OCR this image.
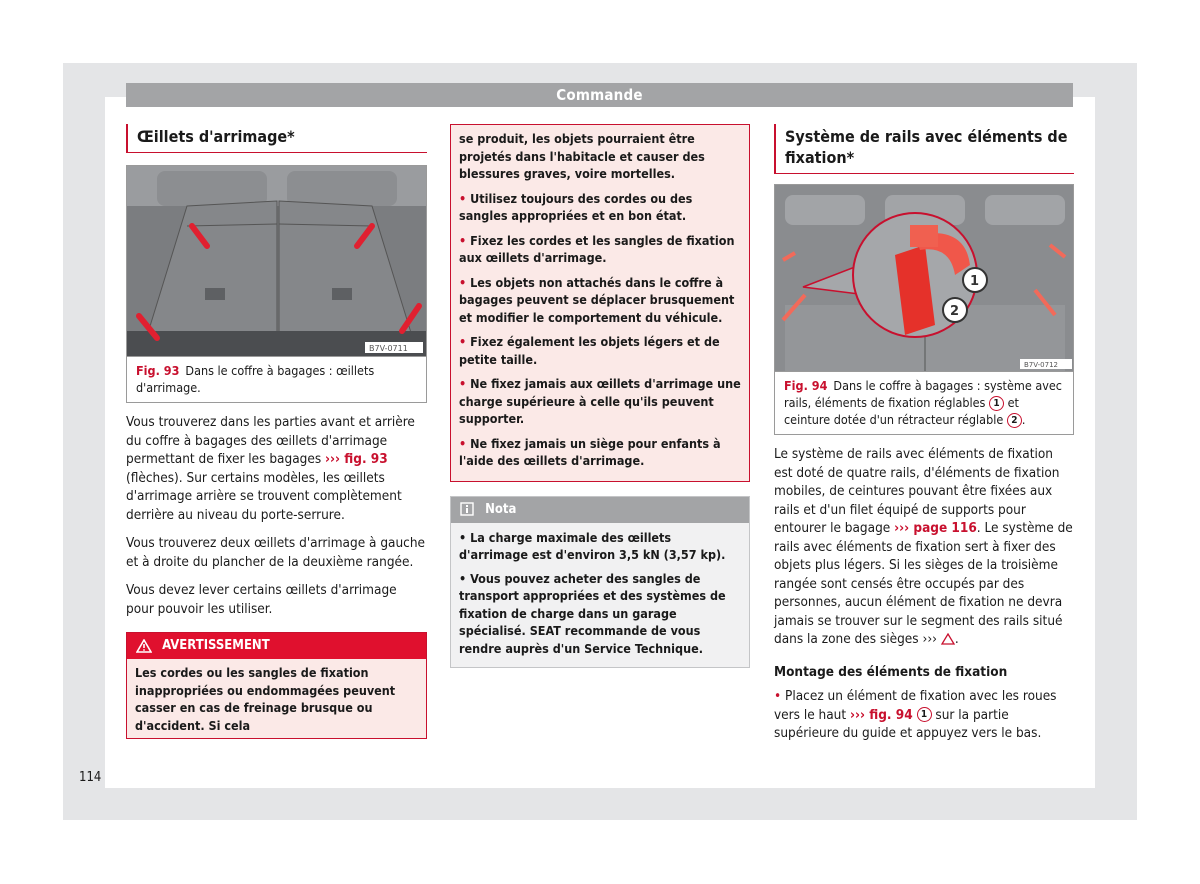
Commande
Œillets d'arrimage*
B7V-0711
Fig. 93 Dans le coffre à bagages : œillets d'arrimage.

Vous trouverez dans les parties avant et arrière du coffre à bagages des œillets d'arrimage permettant de fixer les bagages ››› fig. 93 (flèches). Sur certains modèles, les œillets d'arrimage arrière se trouvent complètement derrière au niveau du porte-serrure.

Vous trouverez deux œillets d'arrimage à gauche et à droite du plancher de la deuxième rangée.

Vous devez lever certains œillets d'arrimage pour pouvoir les utiliser.

AVERTISSEMENT
Les cordes ou les sangles de fixation inappropriées ou endommagées peuvent casser en cas de freinage brusque ou d'accident. Si cela

se produit, les objets pourraient être projetés dans l'habitacle et causer des blessures graves, voire mortelles.

• Utilisez toujours des cordes ou des sangles appropriées et en bon état.

• Fixez les cordes et les sangles de fixation aux œillets d'arrimage.

• Les objets non attachés dans le coffre à bagages peuvent se déplacer brusquement et modifier le comportement du véhicule.

• Fixez également les objets légers et de petite taille.

• Ne fixez jamais aux œillets d'arrimage une charge supérieure à celle qu'ils peuvent supporter.

• Ne fixez jamais un siège pour enfants à l'aide des œillets d'arrimage.

Nota

• La charge maximale des œillets d'arrimage est d'environ 3,5 kN (3,57 kp).

• Vous pouvez acheter des sangles de transport appropriées et des systèmes de fixation de charge dans un garage spécialisé. SEAT recommande de vous rendre auprès d'un Service Technique.

Système de rails avec éléments de fixation*
1
2
B7V-0712
Fig. 94 Dans le coffre à bagages : système avec rails, éléments de fixation réglables 1 et ceinture dotée d'un rétracteur réglable 2 .

Le système de rails avec éléments de fixation est doté de quatre rails, d'éléments de fixation mobiles, de ceintures pouvant être fixées aux rails et d'un filet équipé de supports pour entourer le bagage ››› page 116. Le système de rails avec éléments de fixation sert à fixer des objets plus légers. Si les sièges de la troisième rangée sont censés être occupés par des personnes, aucun élément de fixation ne devra jamais se trouver sur le segment des rails situé dans la zone des sièges ››› .

Montage des éléments de fixation

• Placez un élément de fixation avec les roues vers le haut ››› fig. 94 1 sur la partie supérieure du guide et appuyez vers le bas.

114
